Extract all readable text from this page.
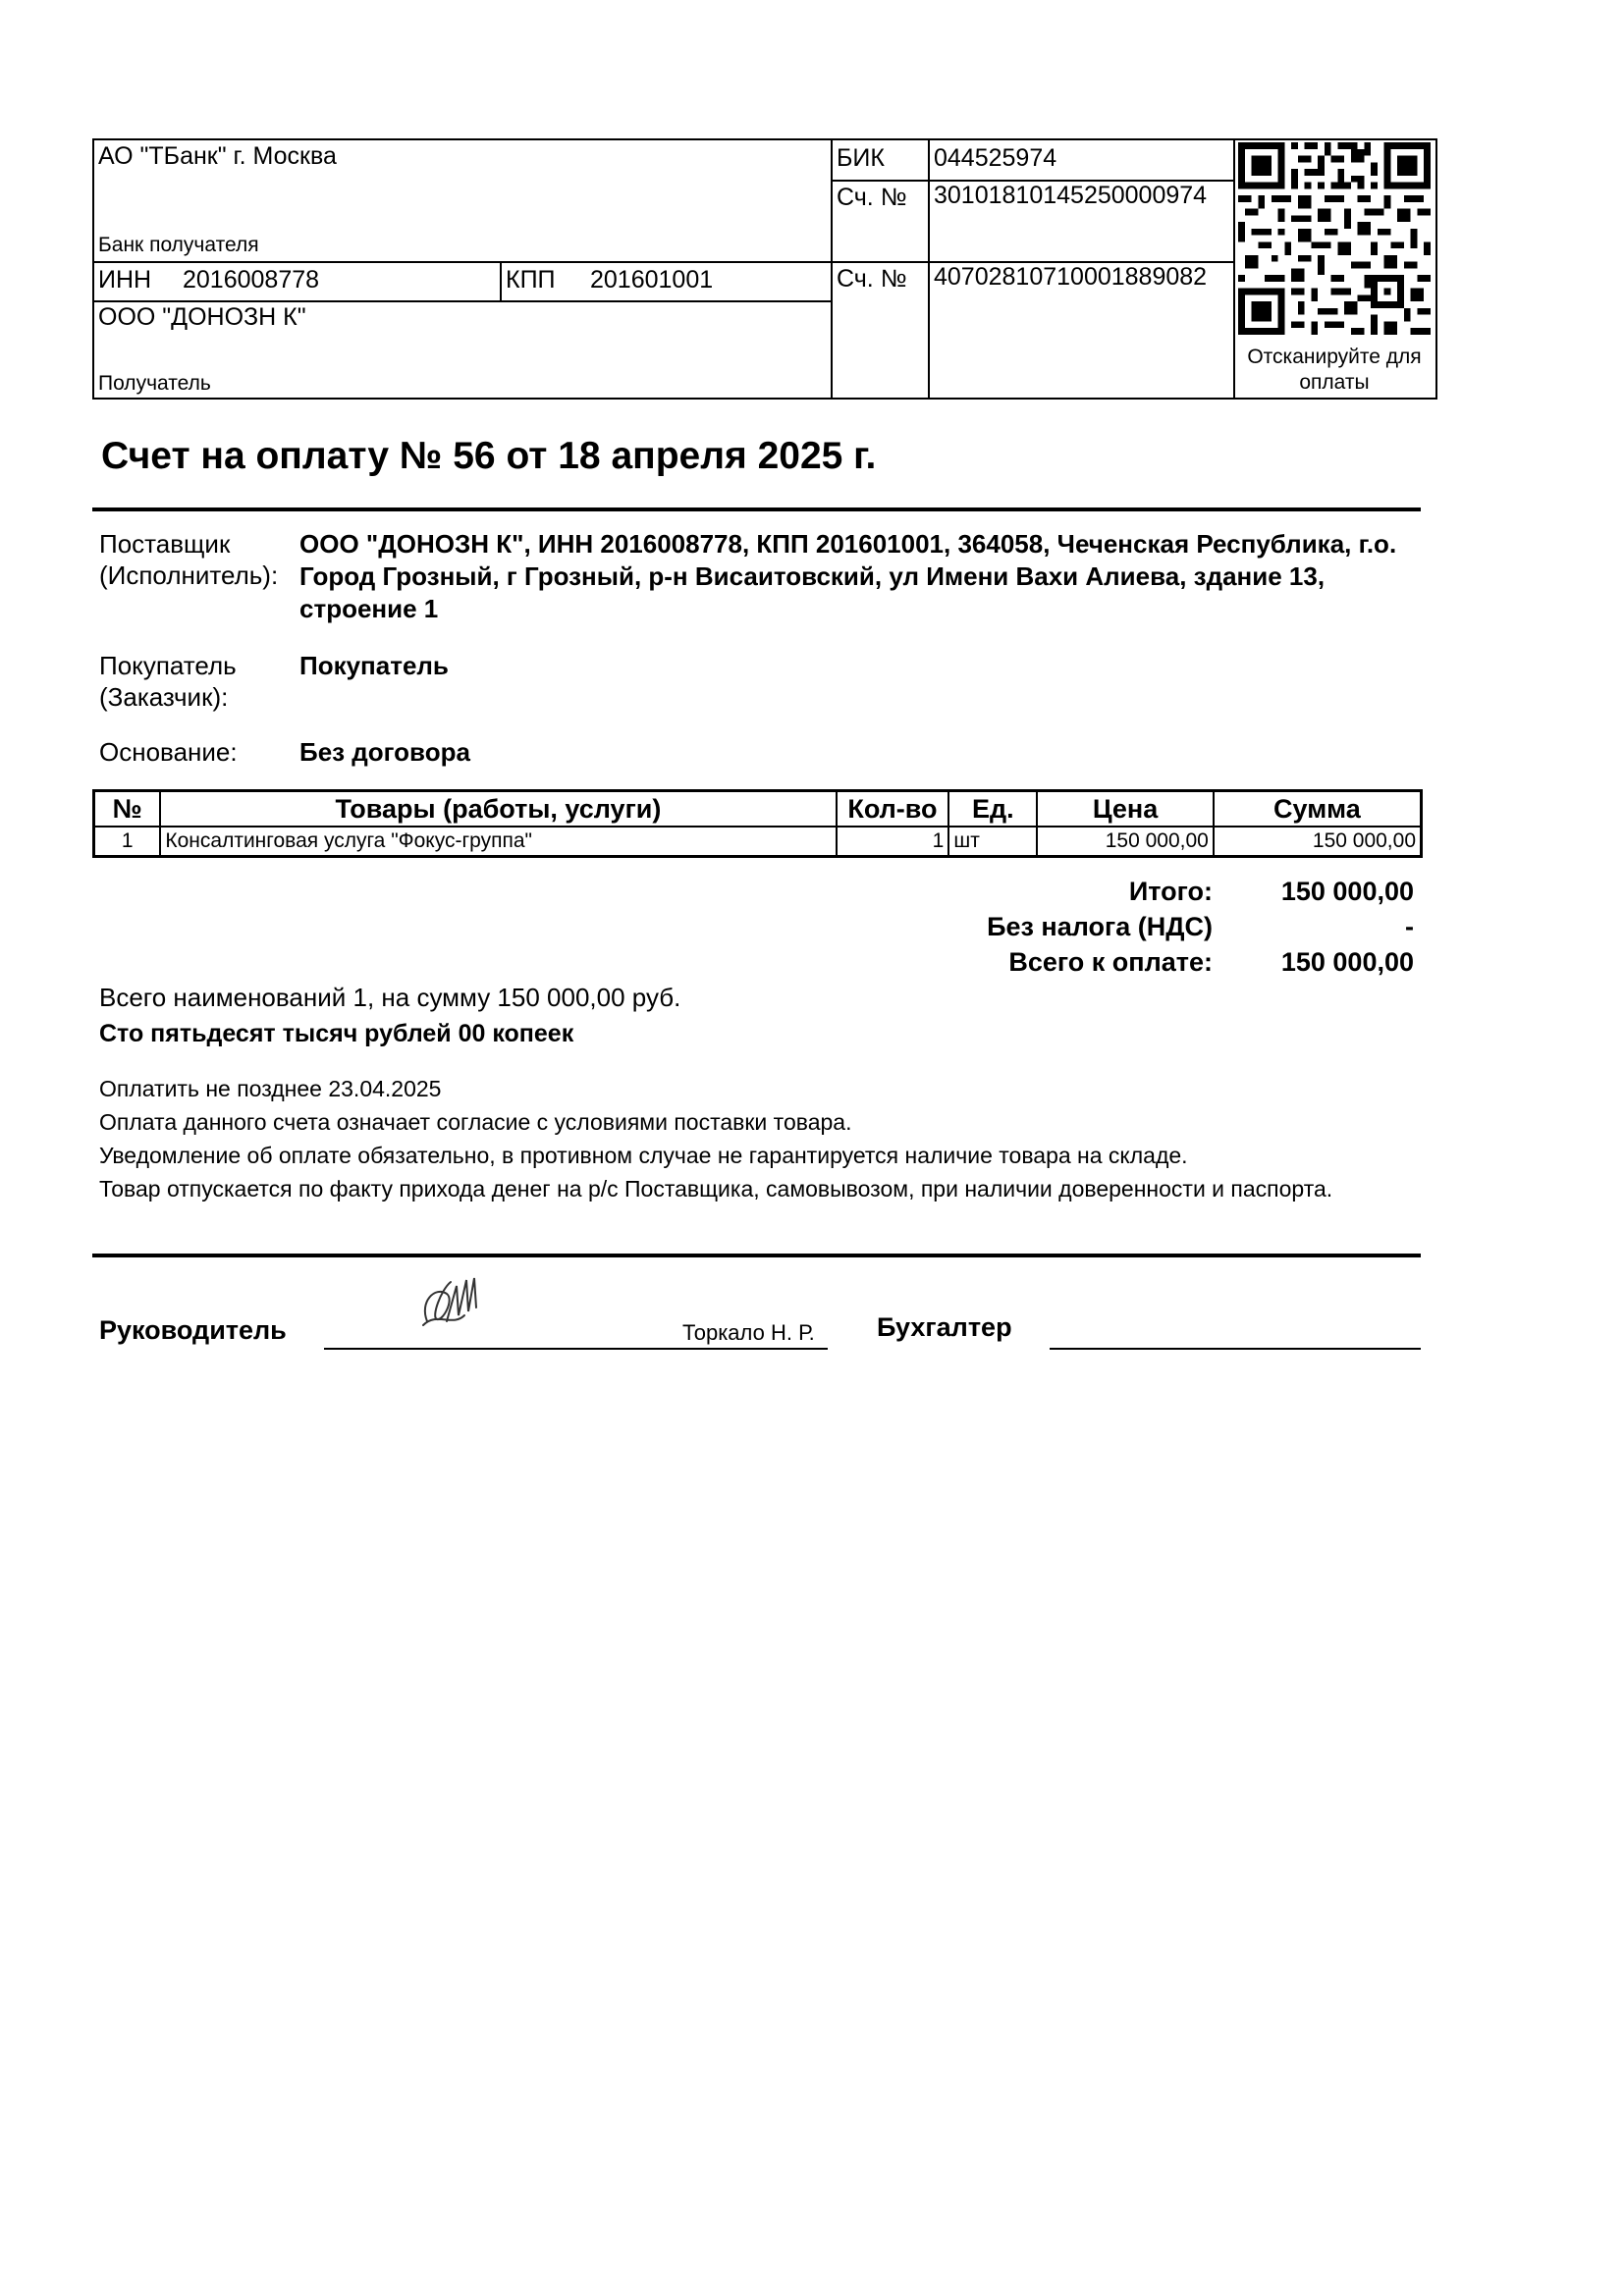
АО "ТБанк" г. Москва
Банк получателя
БИК 044525974
Сч. № 30101810145250000974
ИНН 2016008778	КПП 201601001	Сч. № 40702810710001889082
ООО "ДОНОЗН К"
Получатель
Отсканируйте для оплаты
Счет на оплату № 56 от 18 апреля 2025 г.
Поставщик (Исполнитель):
ООО "ДОНОЗН К", ИНН 2016008778, КПП 201601001, 364058, Чеченская Республика, г.о. Город Грозный, г Грозный, р-н Висаитовский, ул Имени Вахи Алиева, здание 13, строение 1
Покупатель (Заказчик):
Покупатель
Основание: Без договора
№	Товары (работы, услуги)	Кол-во	Ед.	Цена	Сумма
1	Консалтинговая услуга "Фокус-группа"	1	шт	150 000,00	150 000,00
Итого:	150 000,00
Без налога (НДС)	-
Всего к оплате:	150 000,00
Всего наименований 1, на сумму 150 000,00 руб.
Сто пятьдесят тысяч рублей 00 копеек
Оплатить не позднее 23.04.2025
Оплата данного счета означает согласие с условиями поставки товара.
Уведомление об оплате обязательно, в противном случае не гарантируется наличие товара на складе.
Товар отпускается по факту прихода денег на р/с Поставщика, самовывозом, при наличии доверенности и паспорта.
Руководитель	Торкало Н. Р. Бухгалтер
